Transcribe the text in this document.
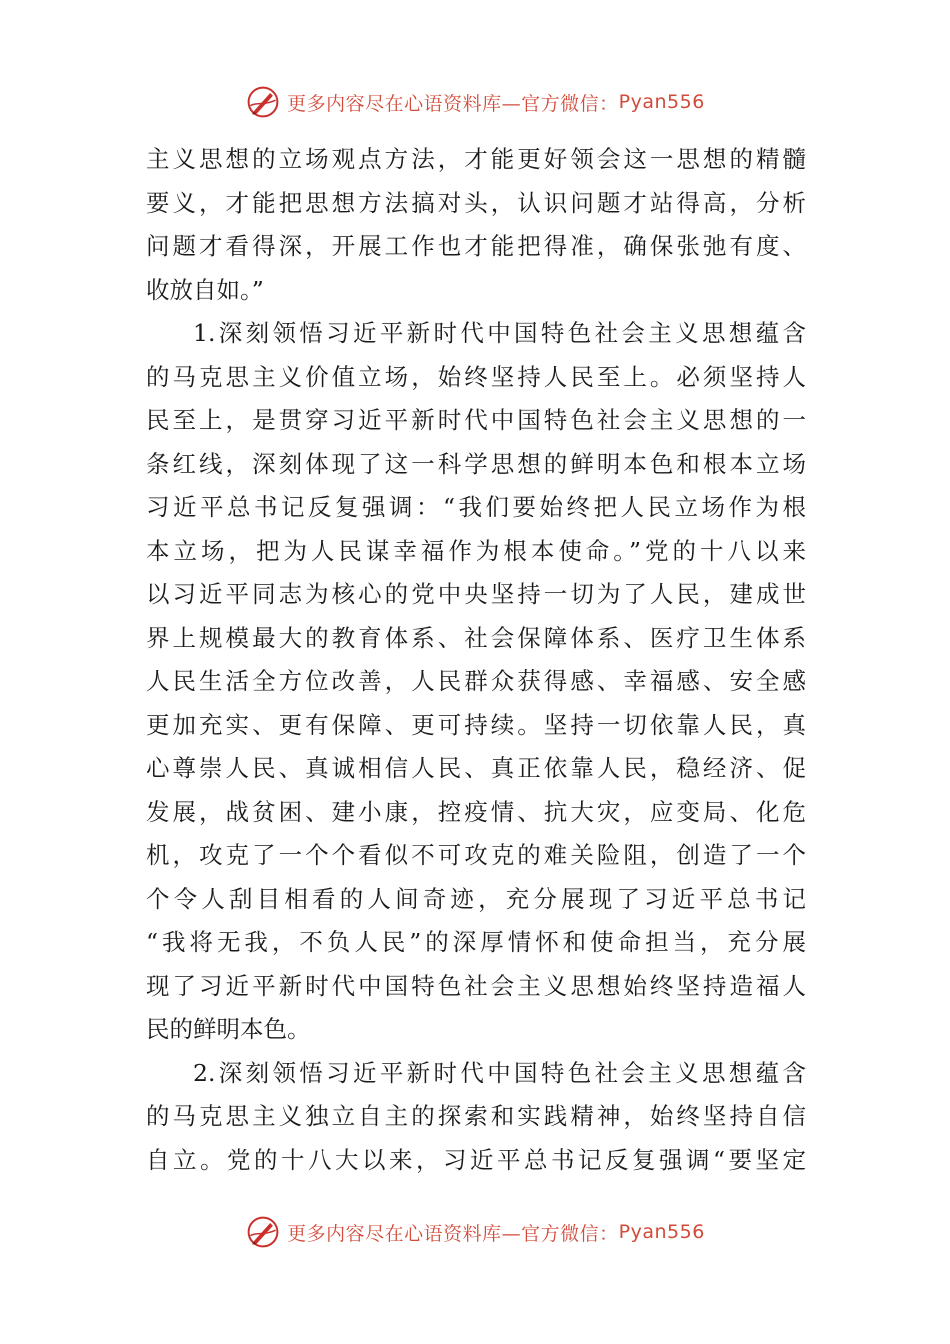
更多内容尽在心语资料库—官方微信： Pyan556
主义思想的立场观点方法，才能更好领会这一思想的精髓
要义，才能把思想方法搞对头，认识问题才站得高，分析
问题才看得深，开展工作也才能把得准，确保张弛有度、
收放自如。”
1.深刻领悟习近平新时代中国特色社会主义思想蕴含
的马克思主义价值立场，始终坚持人民至上。必须坚持人
民至上，是贯穿习近平新时代中国特色社会主义思想的一
条红线，深刻体现了这一科学思想的鲜明本色和根本立场
习近平总书记反复强调：“我们要始终把人民立场作为根
本立场，把为人民谋幸福作为根本使命。”党的十八以来
以习近平同志为核心的党中央坚持一切为了人民，建成世
界上规模最大的教育体系、社会保障体系、医疗卫生体系
人民生活全方位改善，人民群众获得感、幸福感、安全感
更加充实、更有保障、更可持续。坚持一切依靠人民，真
心尊崇人民、真诚相信人民、真正依靠人民，稳经济、促
发展，战贫困、建小康，控疫情、抗大灾，应变局、化危
机，攻克了一个个看似不可攻克的难关险阻，创造了一个
个令人刮目相看的人间奇迹，充分展现了习近平总书记
“我将无我，不负人民”的深厚情怀和使命担当，充分展
现了习近平新时代中国特色社会主义思想始终坚持造福人
民的鲜明本色。
2.深刻领悟习近平新时代中国特色社会主义思想蕴含
的马克思主义独立自主的探索和实践精神，始终坚持自信
自立。党的十八大以来，习近平总书记反复强调“要坚定
更多内容尽在心语资料库—官方微信： Pyan556
